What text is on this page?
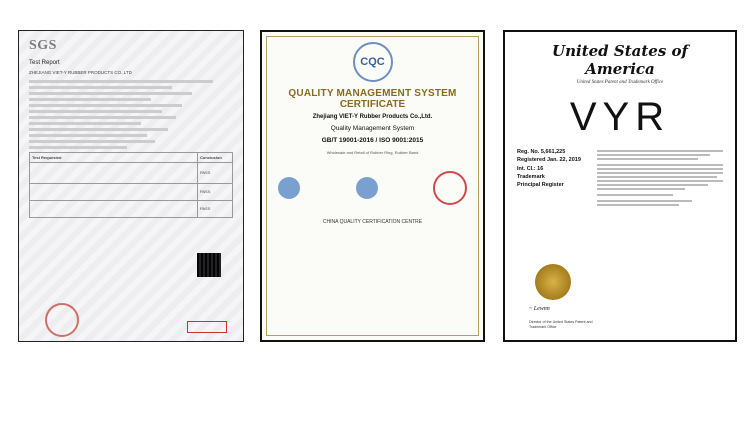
SGS
Test Report

ZHEJIANG VIET-Y RUBBER PRODUCTS CO.,LTD
Test Requested	Conclusion
	PASS
	PASS
	PASS
CQC
QUALITY MANAGEMENT SYSTEM
CERTIFICATE
Zhejiang VIET-Y Rubber Products Co.,Ltd.
Quality Management System
GB/T 19001-2016 / ISO 9001:2015
Wholesale and Retail of Rubber Ring, Rubber Band
CHINA QUALITY CERTIFICATION CENTRE
United States of America
United States Patent and Trademark Office
VYR
Reg. No. 5,661,225
Registered Jan. 22, 2019
Int. Cl.: 16
Trademark
Principal Register
~ Lewnn
Director of the United States Patent and Trademark Office
